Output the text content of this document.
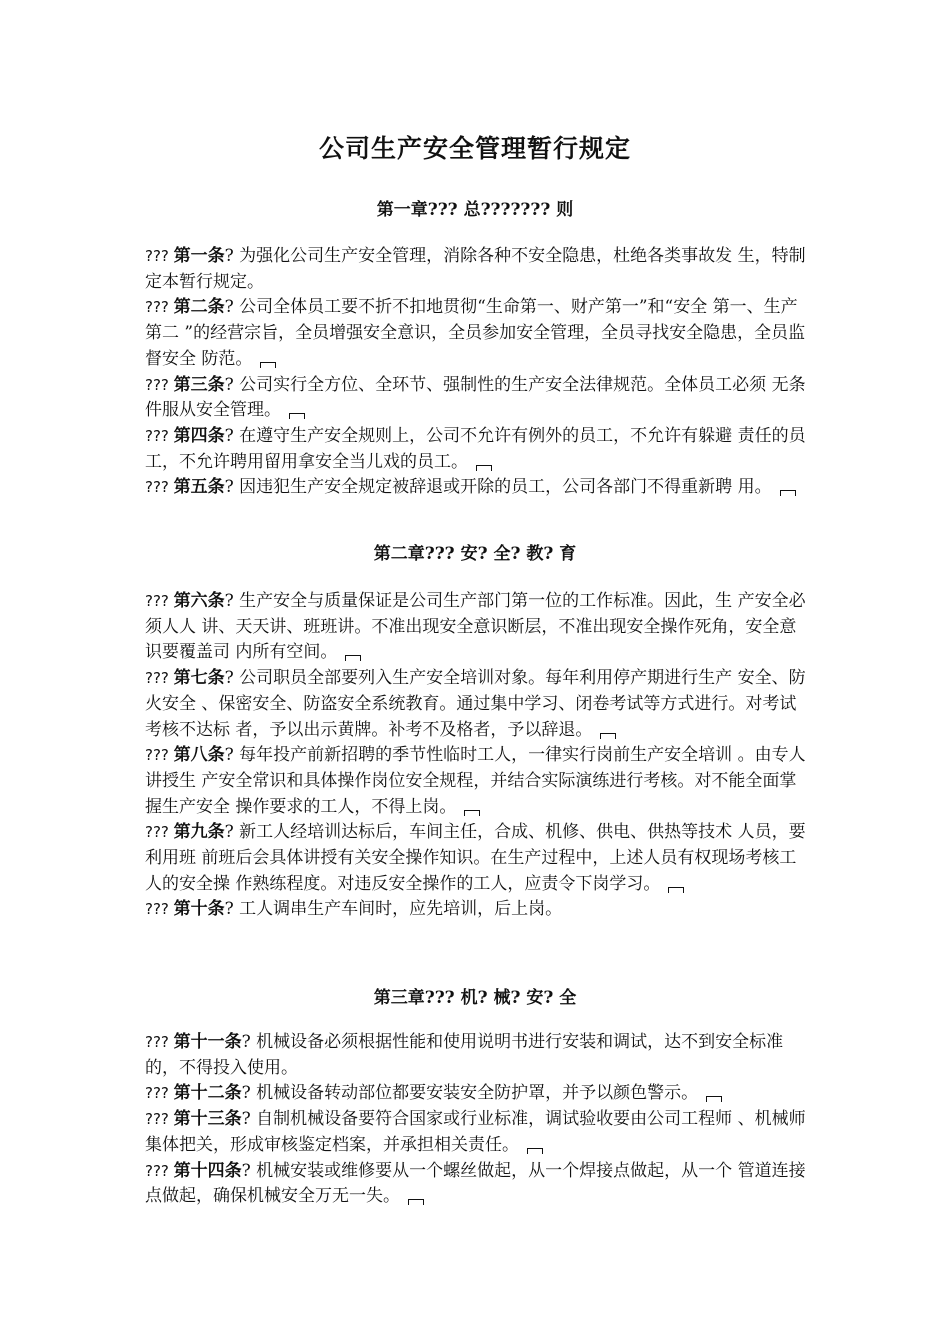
公司生产安全管理暂行规定
第一章??? 总??????? 则

??? 第一条? 为强化公司生产安全管理，消除各种不安全隐患，杜绝各类事故发 生，特制定本暂行规定。

??? 第二条? 公司全体员工要不折不扣地贯彻“生命第一、财产第一”和“安全 第一、生产第二 ”的经营宗旨，全员增强安全意识，全员参加安全管理，全员寻找安全隐患，全员监督安全 防范。

??? 第三条? 公司实行全方位、全环节、强制性的生产安全法律规范。全体员工必须 无条件服从安全管理。

??? 第四条? 在遵守生产安全规则上，公司不允许有例外的员工，不允许有躲避 责任的员工，不允许聘用留用拿安全当儿戏的员工。

??? 第五条? 因违犯生产安全规定被辞退或开除的员工，公司各部门不得重新聘 用。

第二章??? 安? 全? 教? 育

??? 第六条? 生产安全与质量保证是公司生产部门第一位的工作标准。因此，生 产安全必须人人 讲、天天讲、班班讲。不准出现安全意识断层，不准出现安全操作死角，安全意识要覆盖司 内所有空间。

??? 第七条? 公司职员全部要列入生产安全培训对象。每年利用停产期进行生产 安全、防火安全 、保密安全、防盗安全系统教育。通过集中学习、闭卷考试等方式进行。对考试考核不达标 者，予以出示黄牌。补考不及格者，予以辞退。

??? 第八条? 每年投产前新招聘的季节性临时工人，一律实行岗前生产安全培训 。由专人讲授生 产安全常识和具体操作岗位安全规程，并结合实际演练进行考核。对不能全面掌握生产安全 操作要求的工人，不得上岗。

??? 第九条? 新工人经培训达标后，车间主任，合成、机修、供电、供热等技术 人员，要利用班 前班后会具体讲授有关安全操作知识。在生产过程中，上述人员有权现场考核工人的安全操 作熟练程度。对违反安全操作的工人，应责令下岗学习。

??? 第十条? 工人调串生产车间时，应先培训，后上岗。

第三章??? 机? 械? 安? 全

??? 第十一条? 机械设备必须根据性能和使用说明书进行安装和调试，达不到安全标准的，不得投入使用。

??? 第十二条? 机械设备转动部位都要安装安全防护罩，并予以颜色警示。

??? 第十三条? 自制机械设备要符合国家或行业标准，调试验收要由公司工程师 、机械师集体把关，形成审核鉴定档案，并承担相关责任。

??? 第十四条? 机械安装或维修要从一个螺丝做起，从一个焊接点做起，从一个 管道连接点做起，确保机械安全万无一失。
